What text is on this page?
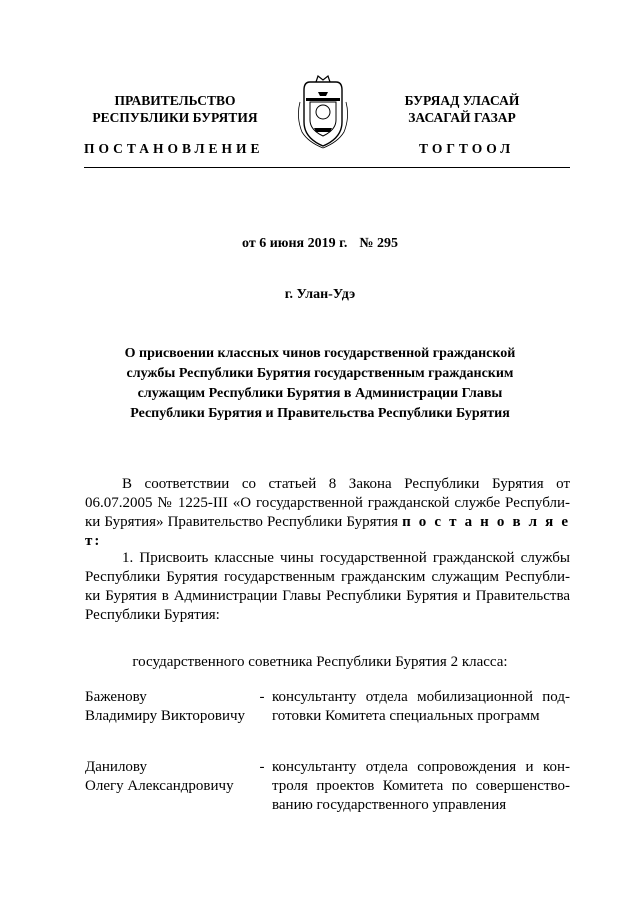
ПРАВИТЕЛЬСТВО
РЕСПУБЛИКИ БУРЯТИЯ
БУРЯАД УЛАСАЙ
ЗАСАГАЙ ГАЗАР
ПОСТАНОВЛЕНИЕ	ТОГТООЛ
от 6 июня 2019 г. № 295
г. Улан-Удэ
О присвоении классных чинов государственной гражданской
службы Республики Бурятия государственным гражданским
служащим Республики Бурятия в Администрации Главы
Республики Бурятия и Правительства Республики Бурятия
В соответствии со статьей 8 Закона Республики Бурятия от
06.07.2005 № 1225-III «О государственной гражданской службе Республи-
ки Бурятия» Правительство Республики Бурятия п о с т а н о в л я е т:
1. Присвоить классные чины государственной гражданской службы
Республики Бурятия государственным гражданским служащим Республи-
ки Бурятия в Администрации Главы Республики Бурятия и Правительства
Республики Бурятия:
государственного советника Республики Бурятия 2 класса:
Баженову
Владимиру Викторовичу
- консультанту отдела мобилизационной под-
готовки Комитета специальных программ
Данилову
Олегу Александровичу
- консультанту отдела сопровождения и кон-
троля проектов Комитета по совершенство-
ванию государственного управления
